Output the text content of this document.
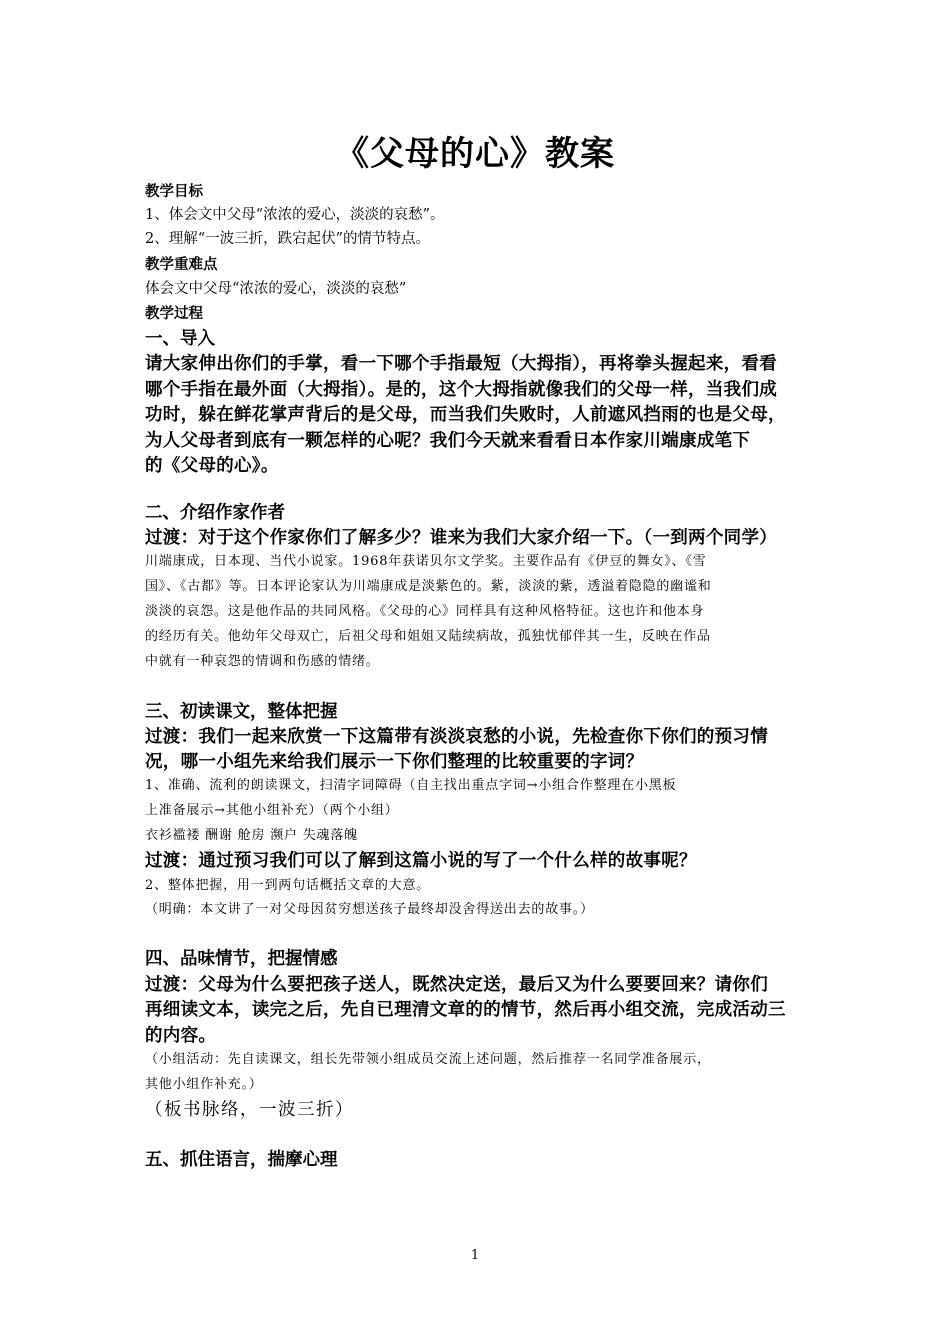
《父母的心》教案
教学目标
1、体会文中父母“浓浓的爱心，淡淡的哀愁”。
2、理解“一波三折，跌宕起伏”的情节特点。
教学重难点
体会文中父母“浓浓的爱心，淡淡的哀愁”
教学过程
一、导入
请大家伸出你们的手掌，看一下哪个手指最短（大拇指），再将拳头握起来，看看
哪个手指在最外面（大拇指）。是的，这个大拇指就像我们的父母一样，当我们成
功时，躲在鲜花掌声背后的是父母，而当我们失败时，人前遮风挡雨的也是父母，
为人父母者到底有一颗怎样的心呢？我们今天就来看看日本作家川端康成笔下
的《父母的心》。
二、介绍作家作者
过渡：对于这个作家你们了解多少？谁来为我们大家介绍一下。（一到两个同学）
川端康成，日本现、当代小说家。1968年获诺贝尔文学奖。主要作品有《伊豆的舞女》、《雪
国》、《古都》等。日本评论家认为川端康成是淡紫色的。紫，淡淡的紫，透溢着隐隐的幽谧和
淡淡的哀怨。这是他作品的共同风格。《父母的心》同样具有这种风格特征。这也许和他本身
的经历有关。他幼年父母双亡，后祖父母和姐姐又陆续病故，孤独忧郁伴其一生，反映在作品
中就有一种哀怨的情调和伤感的情绪。
三、初读课文，整体把握
过渡：我们一起来欣赏一下这篇带有淡淡哀愁的小说，先检查你下你们的预习情
况，哪一小组先来给我们展示一下你们整理的比较重要的字词？
1、准确、流利的朗读课文，扫清字词障碍（自主找出重点字词→小组合作整理在小黑板
上准备展示→其他小组补充）（两个小组）
衣衫褴褛 酬谢 舱房 濒户 失魂落魄
过渡：通过预习我们可以了解到这篇小说的写了一个什么样的故事呢？
2、整体把握，用一到两句话概括文章的大意。
（明确：本文讲了一对父母因贫穷想送孩子最终却没舍得送出去的故事。）
四、品味情节，把握情感
过渡：父母为什么要把孩子送人，既然决定送，最后又为什么要要回来？请你们
再细读文本，读完之后，先自已理清文章的的情节，然后再小组交流，完成活动三
的内容。
（小组活动：先自读课文，组长先带领小组成员交流上述问题，然后推荐一名同学准备展示，
其他小组作补充。）
（板书脉络，一波三折）
五、抓住语言，揣摩心理
1
